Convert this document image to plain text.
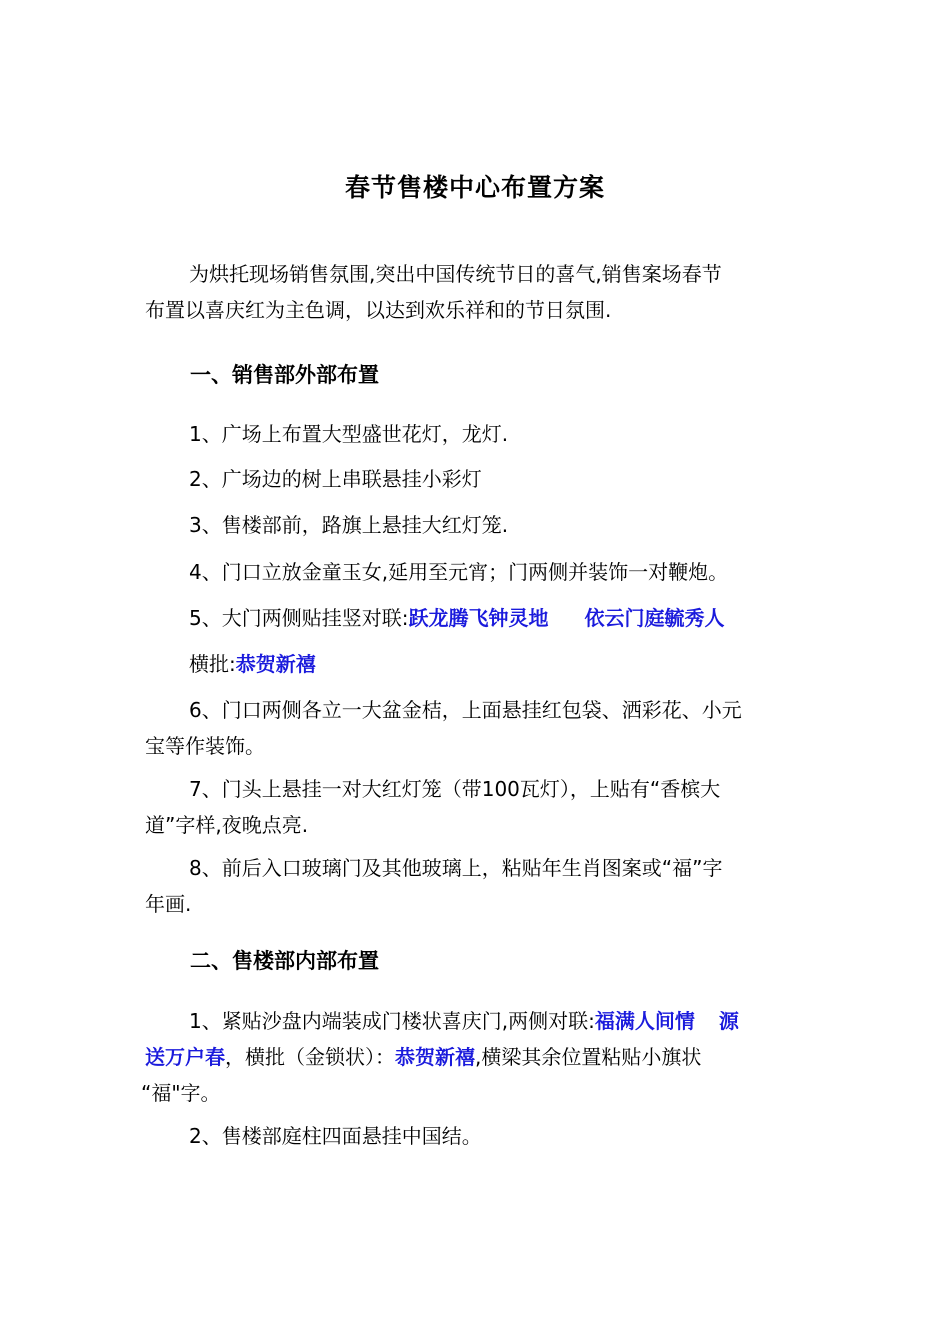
春节售楼中心布置方案
为烘托现场销售氛围,突出中国传统节日的喜气,销售案场春节
布置以喜庆红为主色调，以达到欢乐祥和的节日氛围.
一、销售部外部布置
1、广场上布置大型盛世花灯，龙灯.
2、广场边的树上串联悬挂小彩灯
3、售楼部前，路旗上悬挂大红灯笼.
4、门口立放金童玉女,延用至元宵；门两侧并装饰一对鞭炮。
5、大门两侧贴挂竖对联:跃龙腾飞钟灵地 依云门庭毓秀人
横批:恭贺新禧
6、门口两侧各立一大盆金桔，上面悬挂红包袋、洒彩花、小元
宝等作装饰。
7、门头上悬挂一对大红灯笼（带100瓦灯），上贴有“香槟大
道”字样,夜晚点亮.
8、前后入口玻璃门及其他玻璃上，粘贴年生肖图案或“福”字
年画.
二、售楼部内部布置
1、紧贴沙盘内端装成门楼状喜庆门,两侧对联:福满人间情 源
送万户春，横批（金锁状）：恭贺新禧,横梁其余位置粘贴小旗状
“福"字。
2、售楼部庭柱四面悬挂中国结。
